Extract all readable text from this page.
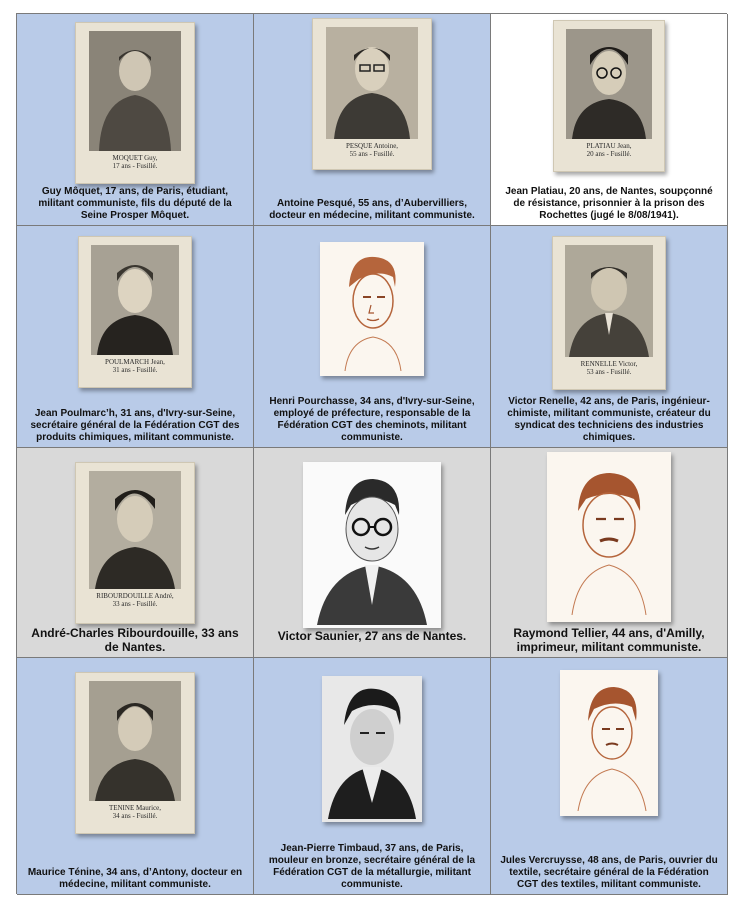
MOQUET Guy,
17 ans - Fusillé.
Guy Môquet, 17 ans, de Paris, étudiant, militant communiste, fils du député de la Seine Prosper Môquet.
PESQUE Antoine,
55 ans - Fusillé.
Antoine Pesqué, 55 ans, d’Aubervilliers, docteur en médecine, militant communiste.
PLATIAU Jean,
20 ans - Fusillé.
Jean Platiau, 20 ans, de Nantes, soupçonné de résistance, prisonnier à la prison des Rochettes (jugé le 8/08/1941).
POULMARCH Jean,
31 ans - Fusillé.
Jean Poulmarc’h, 31 ans, d'Ivry-sur-Seine, secrétaire général de la Fédération CGT des produits chimiques, militant communiste.
Henri Pourchasse, 34 ans, d'Ivry-sur-Seine, employé de préfecture, responsable de la Fédération CGT des cheminots, militant communiste.
RENNELLE Victor,
53 ans - Fusillé.
Victor Renelle, 42 ans, de Paris, ingénieur-chimiste, militant communiste, créateur du syndicat des techniciens des industries chimiques.
RIBOURDOUILLE André,
33 ans - Fusillé.
André-Charles Ribourdouille, 33 ans de Nantes.
Victor Saunier, 27 ans de Nantes.	Raymond Tellier, 44 ans, d'Amilly, imprimeur, militant communiste.
TENINE Maurice,
34 ans - Fusillé.
Maurice Ténine, 34 ans, d’Antony, docteur en médecine, militant communiste.
Jean-Pierre Timbaud, 37 ans, de Paris, mouleur en bronze, secrétaire général de la Fédération CGT de la métallurgie, militant communiste.
Jules Vercruysse, 48 ans, de Paris, ouvrier du textile, secrétaire général de la Fédération CGT des textiles, militant communiste.
